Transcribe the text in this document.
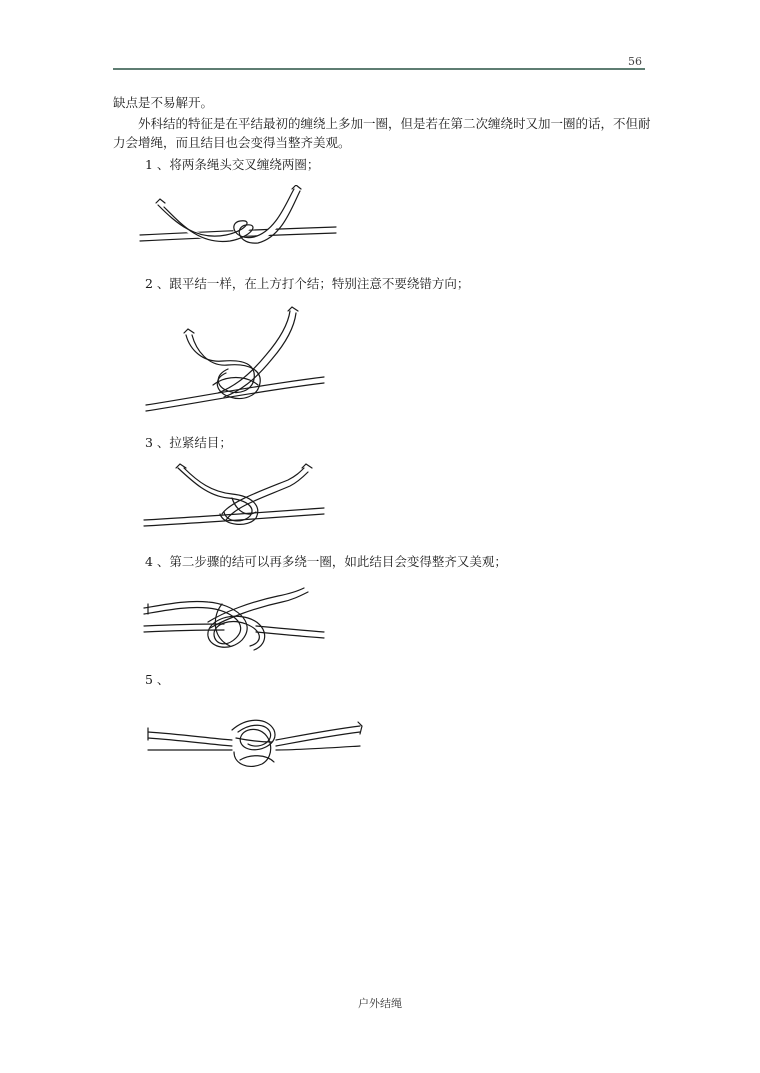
56
缺点是不易解开。
外科结的特征是在平结最初的缠绕上多加一圈，但是若在第二次缠绕时又加一圈的话，不但耐力会增绳，而且结目也会变得当整齐美观。
1 、将两条绳头交叉缠绕两圈；
2 、跟平结一样，在上方打个结；特别注意不要绕错方向；
3 、拉紧结目；
4 、第二步骤的结可以再多绕一圈，如此结目会变得整齐又美观；
5 、
户外结绳
